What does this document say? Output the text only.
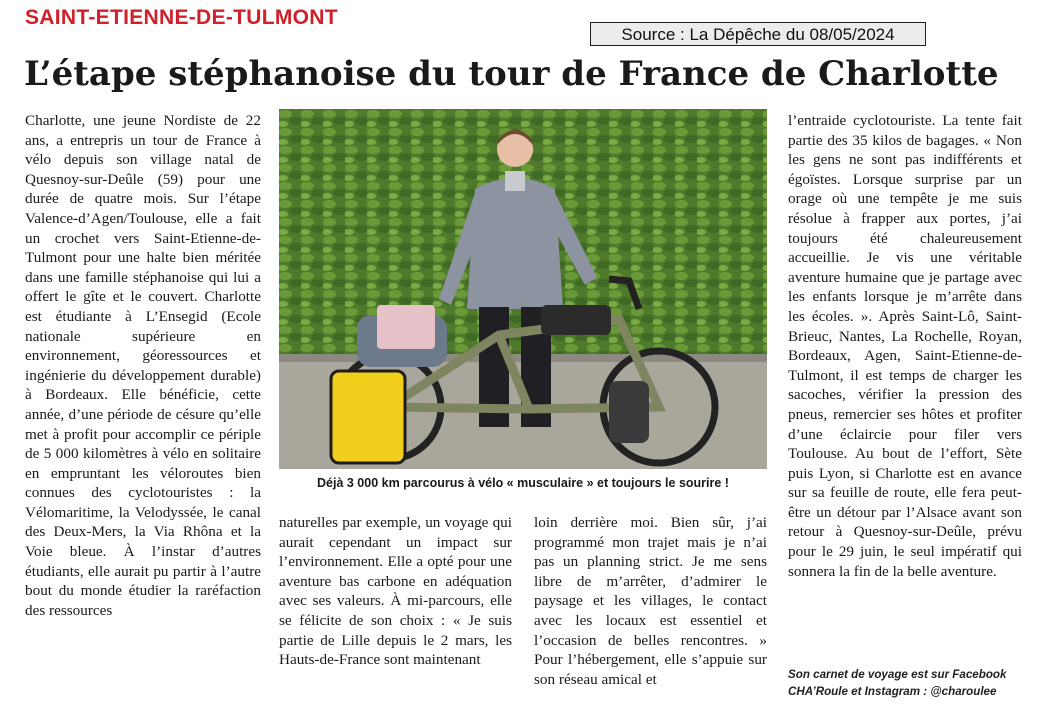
SAINT-ETIENNE-DE-TULMONT
Source : La Dépêche du 08/05/2024
L’étape stéphanoise du tour de France de Charlotte

Charlotte, une jeune Nordiste de 22 ans, a entrepris un tour de France à vélo depuis son village natal de Quesnoy-sur-Deûle (59) pour une durée de quatre mois. Sur l’étape Valence-d’Agen/Toulouse, elle a fait un crochet vers Saint-Etienne-de-Tulmont pour une halte bien méritée dans une famille stéphanoise qui lui a offert le gîte et le couvert. Charlotte est étudiante à L’Ensegid (Ecole nationale supérieure en environnement, géoressources et ingénierie du développement durable) à Bordeaux. Elle bénéficie, cette année, d’une période de césure qu’elle met à profit pour accomplir ce périple de 5 000 kilomètres à vélo en solitaire en empruntant les véloroutes bien connues des cyclotouristes : la Vélomaritime, la Velodyssée, le canal des Deux-Mers, la Via Rhôna et la Voie bleue. À l’instar d’autres étudiants, elle aurait pu partir à l’autre bout du monde étudier la raréfaction des ressources

Déjà 3 000 km parcourus à vélo « musculaire » et toujours le sourire !

naturelles par exemple, un voyage qui aurait cependant un impact sur l’environnement. Elle a opté pour une aventure bas carbone en adéquation avec ses valeurs. À mi-parcours, elle se félicite de son choix : « Je suis partie de Lille depuis le 2 mars, les Hauts-de-France sont maintenant

loin derrière moi. Bien sûr, j’ai programmé mon trajet mais je n’ai pas un planning strict. Je me sens libre de m’arrêter, d’admirer le paysage et les villages, le contact avec les locaux est essentiel et l’occasion de belles rencontres. » Pour l’hébergement, elle s’appuie sur son réseau amical et

l’entraide cyclotouriste. La tente fait partie des 35 kilos de bagages. « Non les gens ne sont pas indifférents et égoïstes. Lorsque surprise par un orage où une tempête je me suis résolue à frapper aux portes, j’ai toujours été chaleureusement accueillie. Je vis une véritable aventure humaine que je partage avec les enfants lorsque je m’arrête dans les écoles. ». Après Saint-Lô, Saint-Brieuc, Nantes, La Rochelle, Royan, Bordeaux, Agen, Saint-Etienne-de-Tulmont, il est temps de charger les sacoches, vérifier la pression des pneus, remercier ses hôtes et profiter d’une éclaircie pour filer vers Toulouse. Au bout de l’effort, Sète puis Lyon, si Charlotte est en avance sur sa feuille de route, elle fera peut-être un détour par l’Alsace avant son retour à Quesnoy-sur-Deûle, prévu pour le 29 juin, le seul impératif qui sonnera la fin de la belle aventure.

Son carnet de voyage est sur Facebook
CHA’Roule et Instagram : @charoulee
